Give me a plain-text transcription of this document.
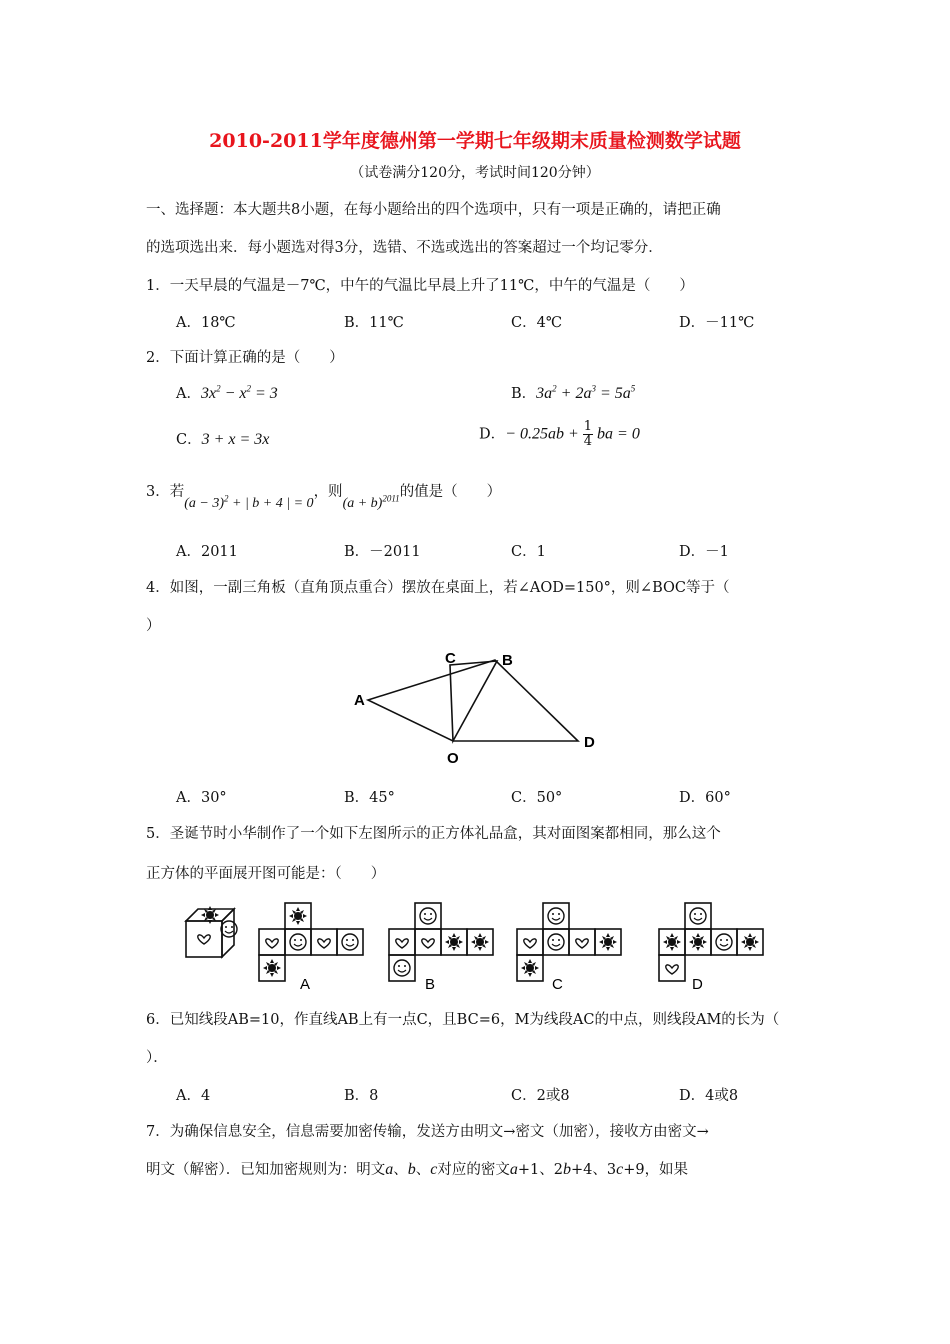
2010-2011学年度德州第一学期七年级期末质量检测数学试题
（试卷满分120分，考试时间120分钟）
一、选择题：本大题共8小题，在每小题给出的四个选项中，只有一项是正确的，请把正确
的选项选出来．每小题选对得3分，选错、不选或选出的答案超过一个均记零分．
1．一天早晨的气温是－7℃，中午的气温比早晨上升了11℃，中午的气温是（　　）
A．18℃	B．11℃	C．4℃	D．－11℃
2．下面计算正确的是（　　）
A．$3x^2 - x^2 = 3$	B．$3a^2 + 2a^3 = 5a^5$
C．3 + x = 3x	D．− $0.25ab + \frac{1}{4}$ ba = 0
3．若$(a - 3)^2$ + | b + 4 | = 0，则$(a + b)^{2011}$的值是（　　）
A．2011	B．－2011	C．1	D．－1
4．如图，一副三角板（直角顶点重合）摆放在桌面上，若∠AOD=150°，则∠BOC等于（
）
A
B
C
D
O
A．30°	B．45°	C．50°	D．60°
5．圣诞节时小华制作了一个如下左图所示的正方体礼品盒，其对面图案都相同，那么这个
正方体的平面展开图可能是：（　　）
A	B	C	D
6．已知线段AB=10，作直线AB上有一点C，且BC=6，M为线段AC的中点，则线段AM的长为（
）．
A．4	B．8	C．2或8	D．4或8
7．为确保信息安全，信息需要加密传输，发送方由明文→密文（加密），接收方由密文→
明文（解密）．已知加密规则为：明文a、b、c对应的密文a+1、2b+4、3c+9，如果
